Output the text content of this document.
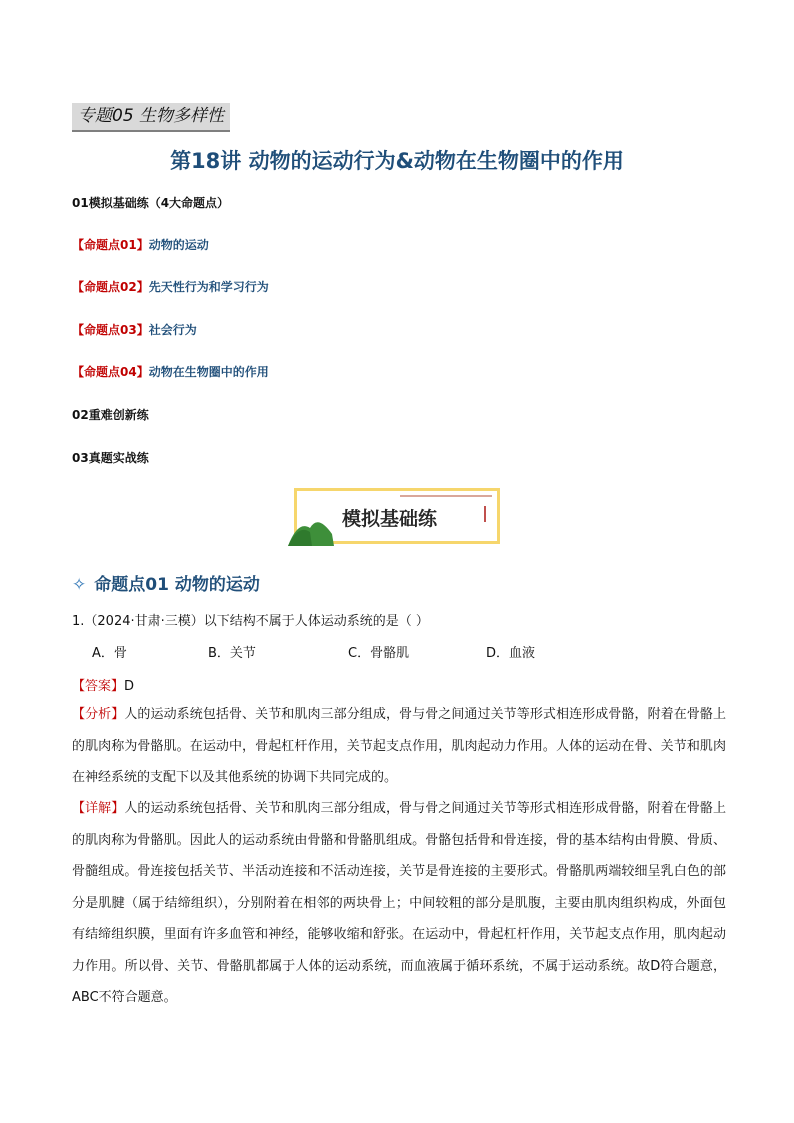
专题05 生物多样性
第18讲 动物的运动行为&动物在生物圈中的作用
01模拟基础练（4大命题点）
【命题点01】动物的运动
【命题点02】先天性行为和学习行为
【命题点03】社会行为
【命题点04】动物在生物圈中的作用
02重难创新练
03真题实战练
模拟基础练
✧ 命题点01 动物的运动
1.（2024·甘肃·三模）以下结构不属于人体运动系统的是（ ）
A．骨	B．关节	C．骨骼肌	D．血液
【答案】D
【分析】人的运动系统包括骨、关节和肌肉三部分组成，骨与骨之间通过关节等形式相连形成骨骼，附着在骨骼上的肌肉称为骨骼肌。在运动中，骨起杠杆作用，关节起支点作用，肌肉起动力作用。人体的运动在骨、关节和肌肉在神经系统的支配下以及其他系统的协调下共同完成的。
【详解】人的运动系统包括骨、关节和肌肉三部分组成，骨与骨之间通过关节等形式相连形成骨骼，附着在骨骼上的肌肉称为骨骼肌。因此人的运动系统由骨骼和骨骼肌组成。骨骼包括骨和骨连接，骨的基本结构由骨膜、骨质、骨髓组成。骨连接包括关节、半活动连接和不活动连接，关节是骨连接的主要形式。骨骼肌两端较细呈乳白色的部分是肌腱（属于结缔组织），分别附着在相邻的两块骨上；中间较粗的部分是肌腹，主要由肌肉组织构成，外面包有结缔组织膜，里面有许多血管和神经，能够收缩和舒张。在运动中，骨起杠杆作用，关节起支点作用，肌肉起动力作用。所以骨、关节、骨骼肌都属于人体的运动系统，而血液属于循环系统，不属于运动系统。故D符合题意，ABC不符合题意。
